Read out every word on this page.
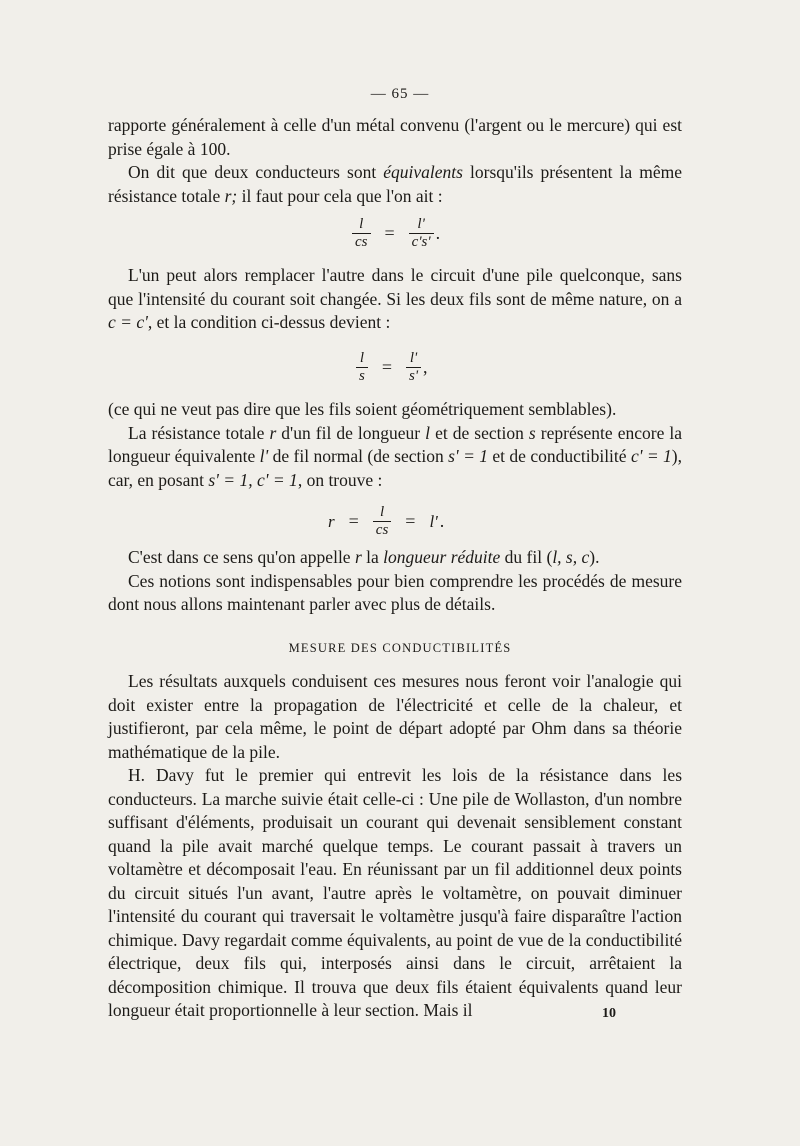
— 65 —

rapporte généralement à celle d'un métal convenu (l'argent ou le mercure) qui est prise égale à 100.

On dit que deux conducteurs sont équivalents lorsqu'ils présentent la même résistance totale r; il faut pour cela que l'on ait :

$\frac{l}{cs} = \frac{l'}{c's'}$ .

L'un peut alors remplacer l'autre dans le circuit d'une pile quelconque, sans que l'intensité du courant soit changée. Si les deux fils sont de même nature, on a c = c', et la condition ci-dessus devient :

$\frac{l}{s} = \frac{l'}{s'}$ ,

(ce qui ne veut pas dire que les fils soient géométriquement semblables).

La résistance totale r d'un fil de longueur l et de section s représente encore la longueur équivalente l' de fil normal (de section s' = 1 et de conductibilité c' = 1), car, en posant s' = 1, c' = 1, on trouve :

$r = \frac{l}{cs} = l'$ .

C'est dans ce sens qu'on appelle r la longueur réduite du fil (l, s, c).

Ces notions sont indispensables pour bien comprendre les procédés de mesure dont nous allons maintenant parler avec plus de détails.

MESURE DES CONDUCTIBILITÉS

Les résultats auxquels conduisent ces mesures nous feront voir l'analogie qui doit exister entre la propagation de l'électricité et celle de la chaleur, et justifieront, par cela même, le point de départ adopté par Ohm dans sa théorie mathématique de la pile.

H. Davy fut le premier qui entrevit les lois de la résistance dans les conducteurs. La marche suivie était celle-ci : Une pile de Wollaston, d'un nombre suffisant d'éléments, produisait un courant qui devenait sensiblement constant quand la pile avait marché quelque temps. Le courant passait à travers un voltamètre et décomposait l'eau. En réunissant par un fil additionnel deux points du circuit situés l'un avant, l'autre après le voltamètre, on pouvait diminuer l'intensité du courant qui traversait le voltamètre jusqu'à faire disparaître l'action chimique. Davy regardait comme équivalents, au point de vue de la conductibilité électrique, deux fils qui, interposés ainsi dans le circuit, arrêtaient la décomposition chimique. Il trouva que deux fils étaient équivalents quand leur longueur était proportionnelle à leur section. Mais il	10
